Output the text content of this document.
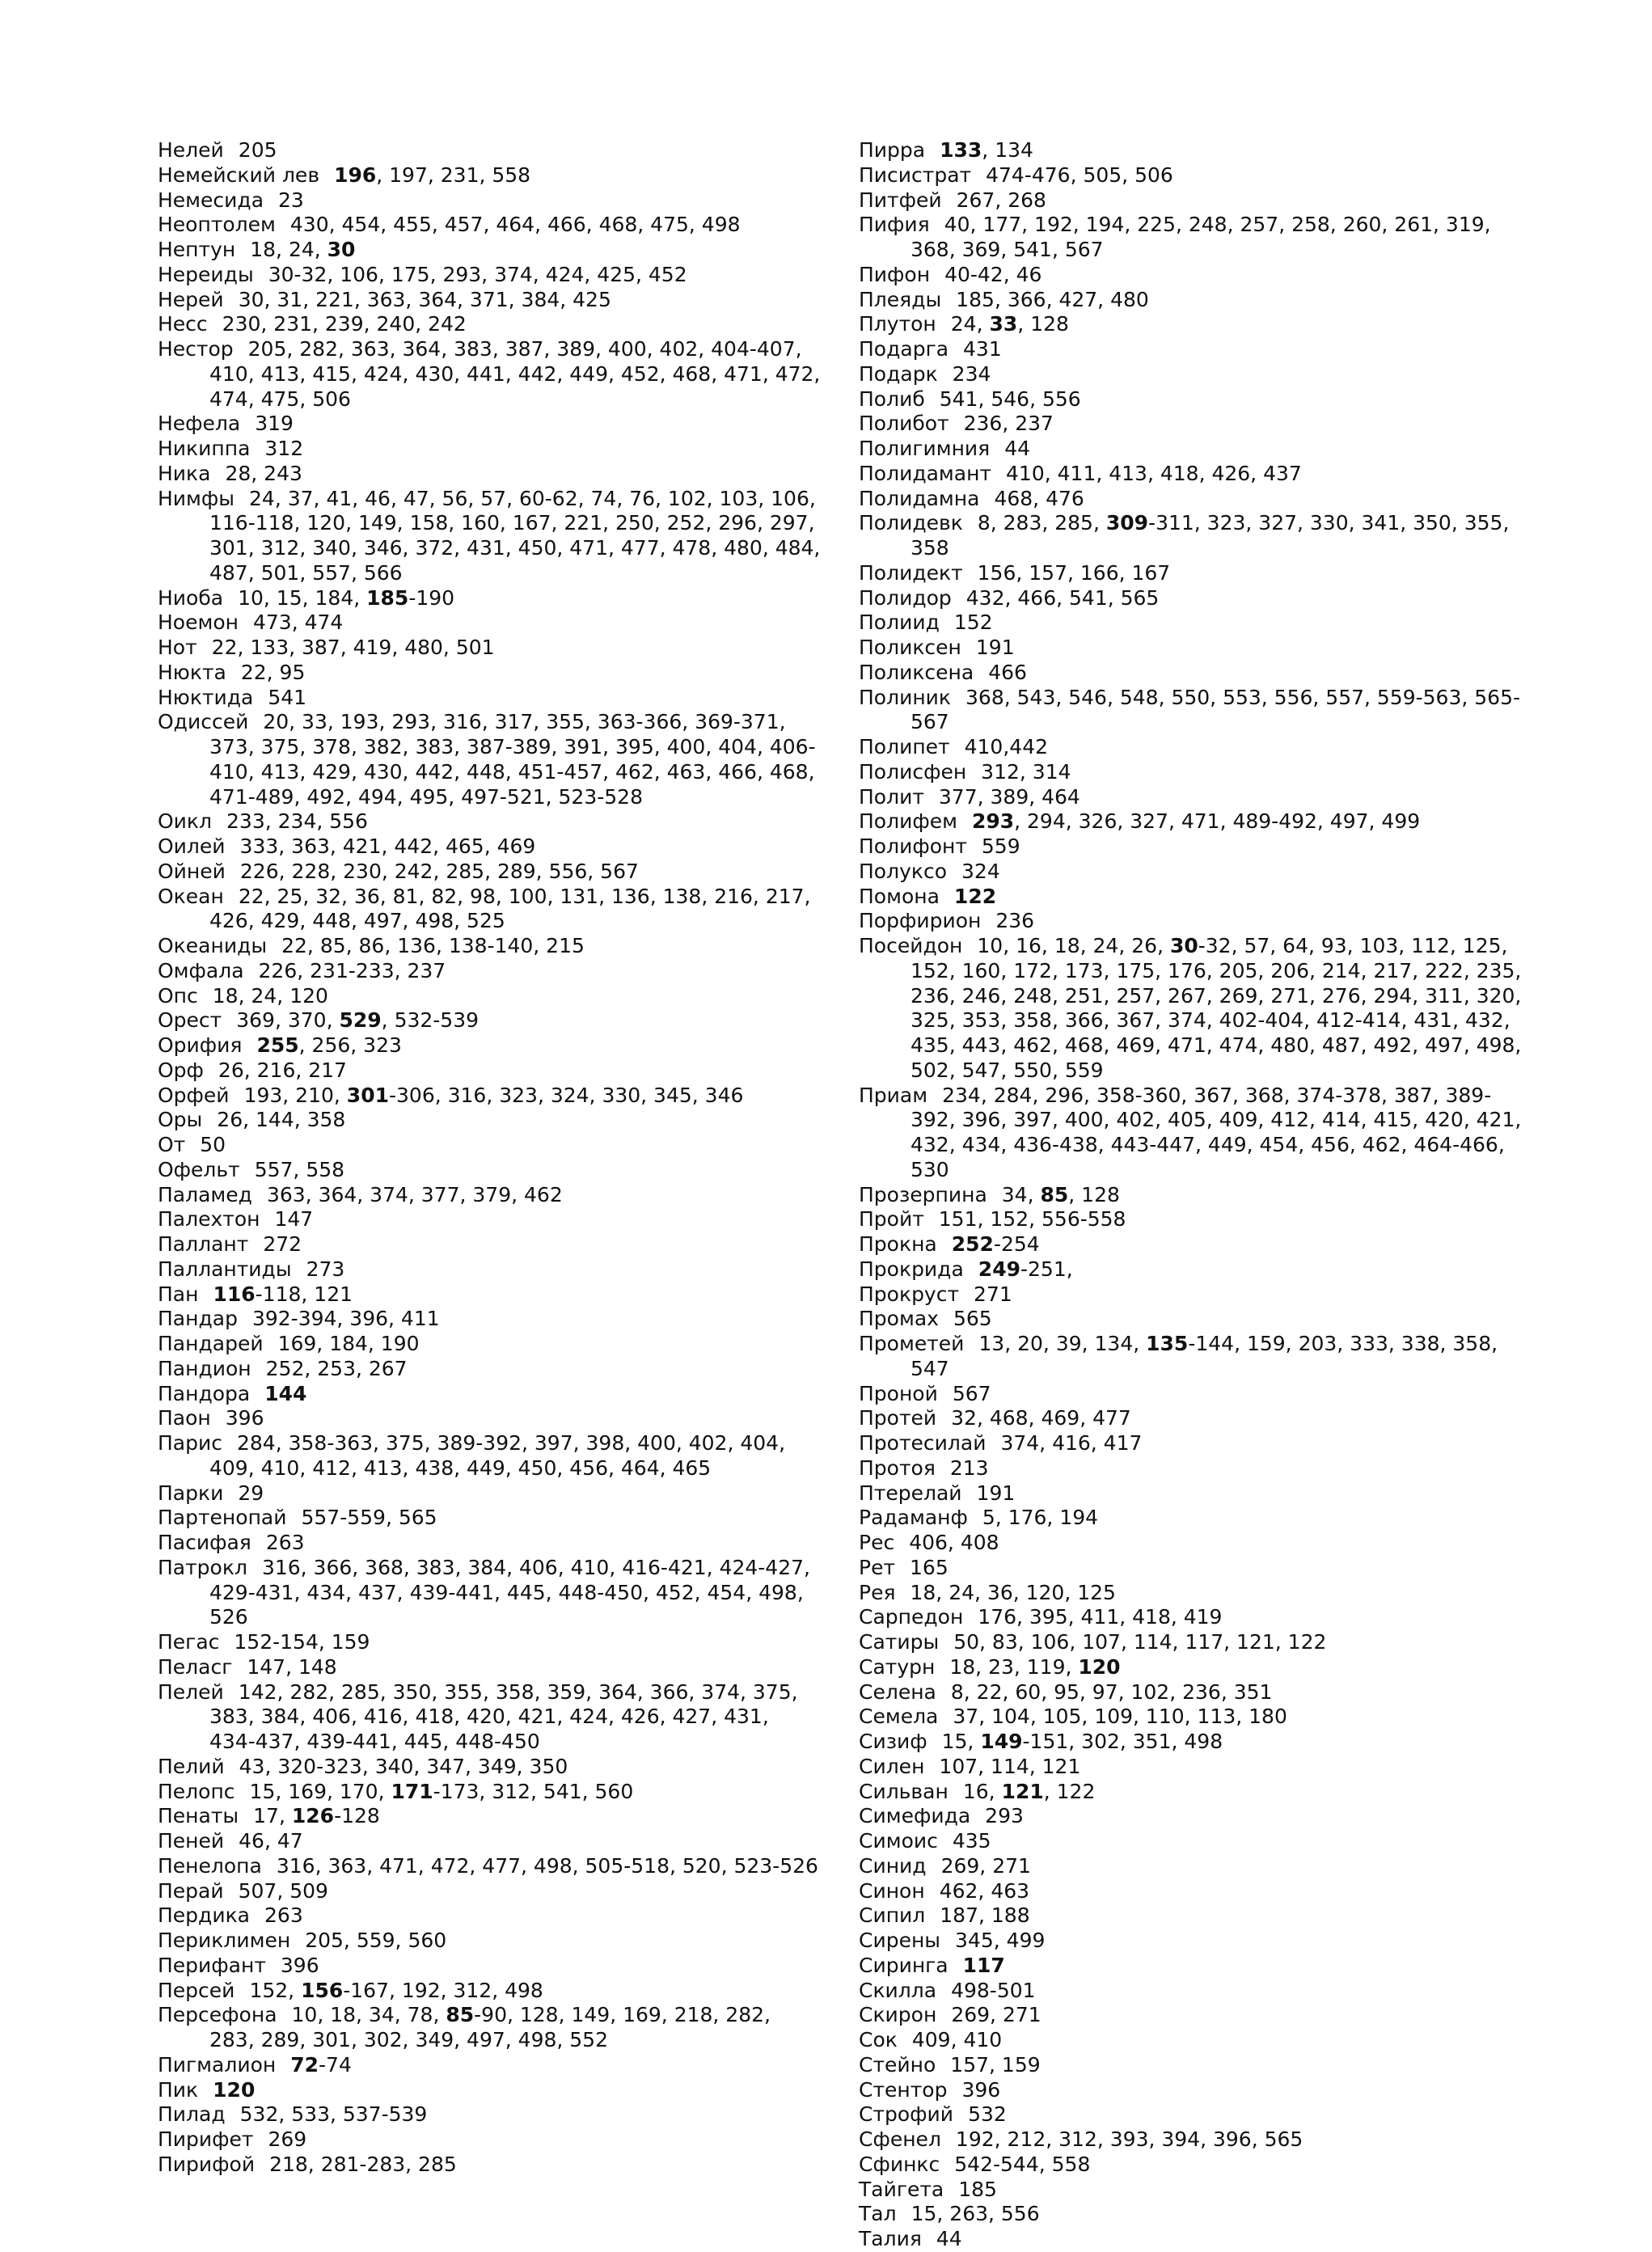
Нелей 205
Немейский лев 196, 197, 231, 558
Немесида 23
Неоптолем 430, 454, 455, 457, 464, 466, 468, 475, 498
Нептун 18, 24, 30
Нереиды 30-32, 106, 175, 293, 374, 424, 425, 452
Нерей 30, 31, 221, 363, 364, 371, 384, 425
Несс 230, 231, 239, 240, 242
Нестор 205, 282, 363, 364, 383, 387, 389, 400, 402, 404-407, 410, 413, 415, 424, 430, 441, 442, 449, 452, 468, 471, 472, 474, 475, 506
Нефела 319
Никиппа 312
Ника 28, 243
Нимфы 24, 37, 41, 46, 47, 56, 57, 60-62, 74, 76, 102, 103, 106, 116-118, 120, 149, 158, 160, 167, 221, 250, 252, 296, 297, 301, 312, 340, 346, 372, 431, 450, 471, 477, 478, 480, 484, 487, 501, 557, 566
Ниоба 10, 15, 184, 185-190
Ноемон 473, 474
Нот 22, 133, 387, 419, 480, 501
Нюкта 22, 95
Нюктида 541
Одиссей 20, 33, 193, 293, 316, 317, 355, 363-366, 369-371, 373, 375, 378, 382, 383, 387-389, 391, 395, 400, 404, 406-410, 413, 429, 430, 442, 448, 451-457, 462, 463, 466, 468, 471-489, 492, 494, 495, 497-521, 523-528
Оикл 233, 234, 556
Оилей 333, 363, 421, 442, 465, 469
Ойней 226, 228, 230, 242, 285, 289, 556, 567
Океан 22, 25, 32, 36, 81, 82, 98, 100, 131, 136, 138, 216, 217, 426, 429, 448, 497, 498, 525
Океаниды 22, 85, 86, 136, 138-140, 215
Омфала 226, 231-233, 237
Опс 18, 24, 120
Орест 369, 370, 529, 532-539
Орифия 255, 256, 323
Орф 26, 216, 217
Орфей 193, 210, 301-306, 316, 323, 324, 330, 345, 346
Оры 26, 144, 358
От 50
Офельт 557, 558
Паламед 363, 364, 374, 377, 379, 462
Палехтон 147
Паллант 272
Паллантиды 273
Пан 116-118, 121
Пандар 392-394, 396, 411
Пандарей 169, 184, 190
Пандион 252, 253, 267
Пандора 144
Паон 396
Парис 284, 358-363, 375, 389-392, 397, 398, 400, 402, 404, 409, 410, 412, 413, 438, 449, 450, 456, 464, 465
Парки 29
Партенопай 557-559, 565
Пасифая 263
Патрокл 316, 366, 368, 383, 384, 406, 410, 416-421, 424-427, 429-431, 434, 437, 439-441, 445, 448-450, 452, 454, 498, 526
Пегас 152-154, 159
Пеласг 147, 148
Пелей 142, 282, 285, 350, 355, 358, 359, 364, 366, 374, 375, 383, 384, 406, 416, 418, 420, 421, 424, 426, 427, 431, 434-437, 439-441, 445, 448-450
Пелий 43, 320-323, 340, 347, 349, 350
Пелопс 15, 169, 170, 171-173, 312, 541, 560
Пенаты 17, 126-128
Пеней 46, 47
Пенелопа 316, 363, 471, 472, 477, 498, 505-518, 520, 523-526
Перай 507, 509
Пердика 263
Периклимен 205, 559, 560
Перифант 396
Персей 152, 156-167, 192, 312, 498
Персефона 10, 18, 34, 78, 85-90, 128, 149, 169, 218, 282, 283, 289, 301, 302, 349, 497, 498, 552
Пигмалион 72-74
Пик 120
Пилад 532, 533, 537-539
Пирифет 269
Пирифой 218, 281-283, 285
Пирра 133, 134
Писистрат 474-476, 505, 506
Питфей 267, 268
Пифия 40, 177, 192, 194, 225, 248, 257, 258, 260, 261, 319, 368, 369, 541, 567
Пифон 40-42, 46
Плеяды 185, 366, 427, 480
Плутон 24, 33, 128
Подарга 431
Подарк 234
Полиб 541, 546, 556
Полибот 236, 237
Полигимния 44
Полидамант 410, 411, 413, 418, 426, 437
Полидамна 468, 476
Полидевк 8, 283, 285, 309-311, 323, 327, 330, 341, 350, 355, 358
Полидект 156, 157, 166, 167
Полидор 432, 466, 541, 565
Полиид 152
Поликсен 191
Поликсена 466
Полиник 368, 543, 546, 548, 550, 553, 556, 557, 559-563, 565-567
Полипет 410,442
Полисфен 312, 314
Полит 377, 389, 464
Полифем 293, 294, 326, 327, 471, 489-492, 497, 499
Полифонт 559
Полуксо 324
Помона 122
Порфирион 236
Посейдон 10, 16, 18, 24, 26, 30-32, 57, 64, 93, 103, 112, 125, 152, 160, 172, 173, 175, 176, 205, 206, 214, 217, 222, 235, 236, 246, 248, 251, 257, 267, 269, 271, 276, 294, 311, 320, 325, 353, 358, 366, 367, 374, 402-404, 412-414, 431, 432, 435, 443, 462, 468, 469, 471, 474, 480, 487, 492, 497, 498, 502, 547, 550, 559
Приам 234, 284, 296, 358-360, 367, 368, 374-378, 387, 389-392, 396, 397, 400, 402, 405, 409, 412, 414, 415, 420, 421, 432, 434, 436-438, 443-447, 449, 454, 456, 462, 464-466, 530
Прозерпина 34, 85, 128
Пройт 151, 152, 556-558
Прокна 252-254
Прокрида 249-251,
Прокруст 271
Промах 565
Прометей 13, 20, 39, 134, 135-144, 159, 203, 333, 338, 358, 547
Проной 567
Протей 32, 468, 469, 477
Протесилай 374, 416, 417
Протоя 213
Птерелай 191
Радаманф 5, 176, 194
Рес 406, 408
Рет 165
Рея 18, 24, 36, 120, 125
Сарпедон 176, 395, 411, 418, 419
Сатиры 50, 83, 106, 107, 114, 117, 121, 122
Сатурн 18, 23, 119, 120
Селена 8, 22, 60, 95, 97, 102, 236, 351
Семела 37, 104, 105, 109, 110, 113, 180
Сизиф 15, 149-151, 302, 351, 498
Силен 107, 114, 121
Сильван 16, 121, 122
Симефида 293
Симоис 435
Синид 269, 271
Синон 462, 463
Сипил 187, 188
Сирены 345, 499
Сиринга 117
Скилла 498-501
Скирон 269, 271
Сок 409, 410
Стейно 157, 159
Стентор 396
Строфий 532
Сфенел 192, 212, 312, 393, 394, 396, 565
Сфинкс 542-544, 558
Тайгета 185
Тал 15, 263, 556
Талия 44
